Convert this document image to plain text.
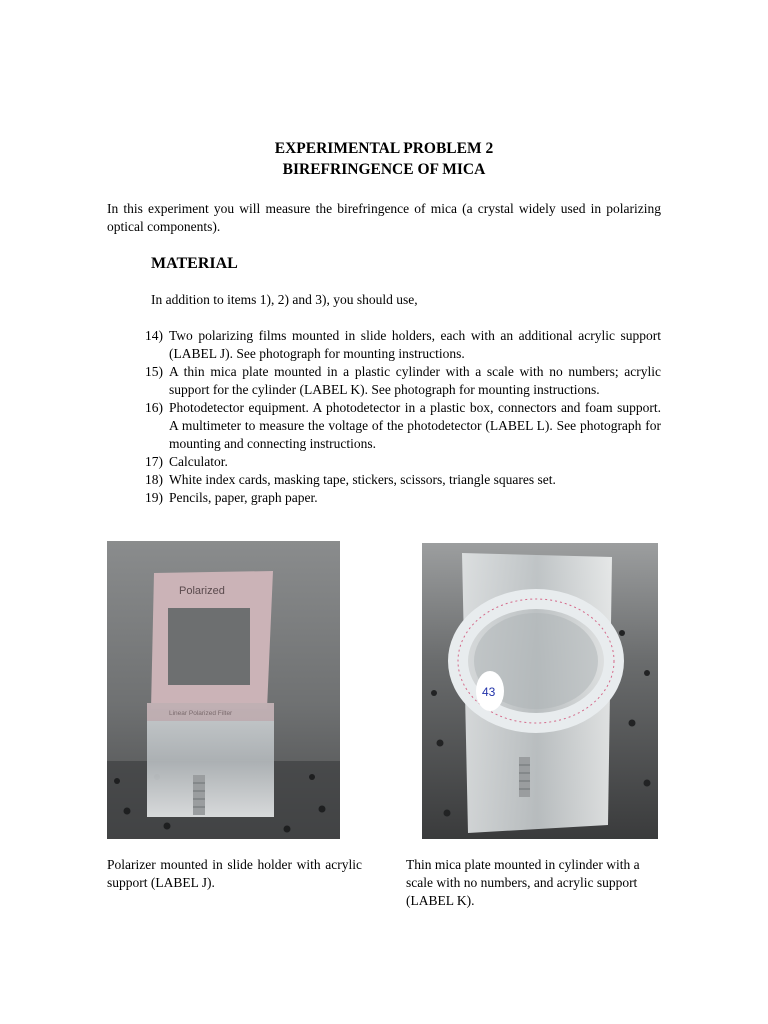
EXPERIMENTAL PROBLEM 2
BIREFRINGENCE OF MICA
In this experiment you will measure the birefringence of mica (a crystal widely used in polarizing optical components).
MATERIAL
In addition to items 1), 2) and 3), you should use,
14) Two polarizing films mounted in slide holders, each with an additional acrylic support (LABEL J). See photograph for mounting instructions.
15) A thin mica plate mounted in a plastic cylinder with a scale with no numbers; acrylic support for the cylinder (LABEL K). See photograph for mounting instructions.
16) Photodetector equipment. A photodetector in a plastic box, connectors and foam support. A multimeter to measure the voltage of the photodetector (LABEL L). See photograph for mounting and connecting instructions.
17) Calculator.
18) White index cards, masking tape, stickers, scissors, triangle squares set.
19) Pencils, paper, graph paper.
Polarized
Linear Polarized Filter
43
Polarizer mounted in slide holder with acrylic support (LABEL J).
Thin mica plate mounted in cylinder with a scale with no numbers, and acrylic support (LABEL K).
